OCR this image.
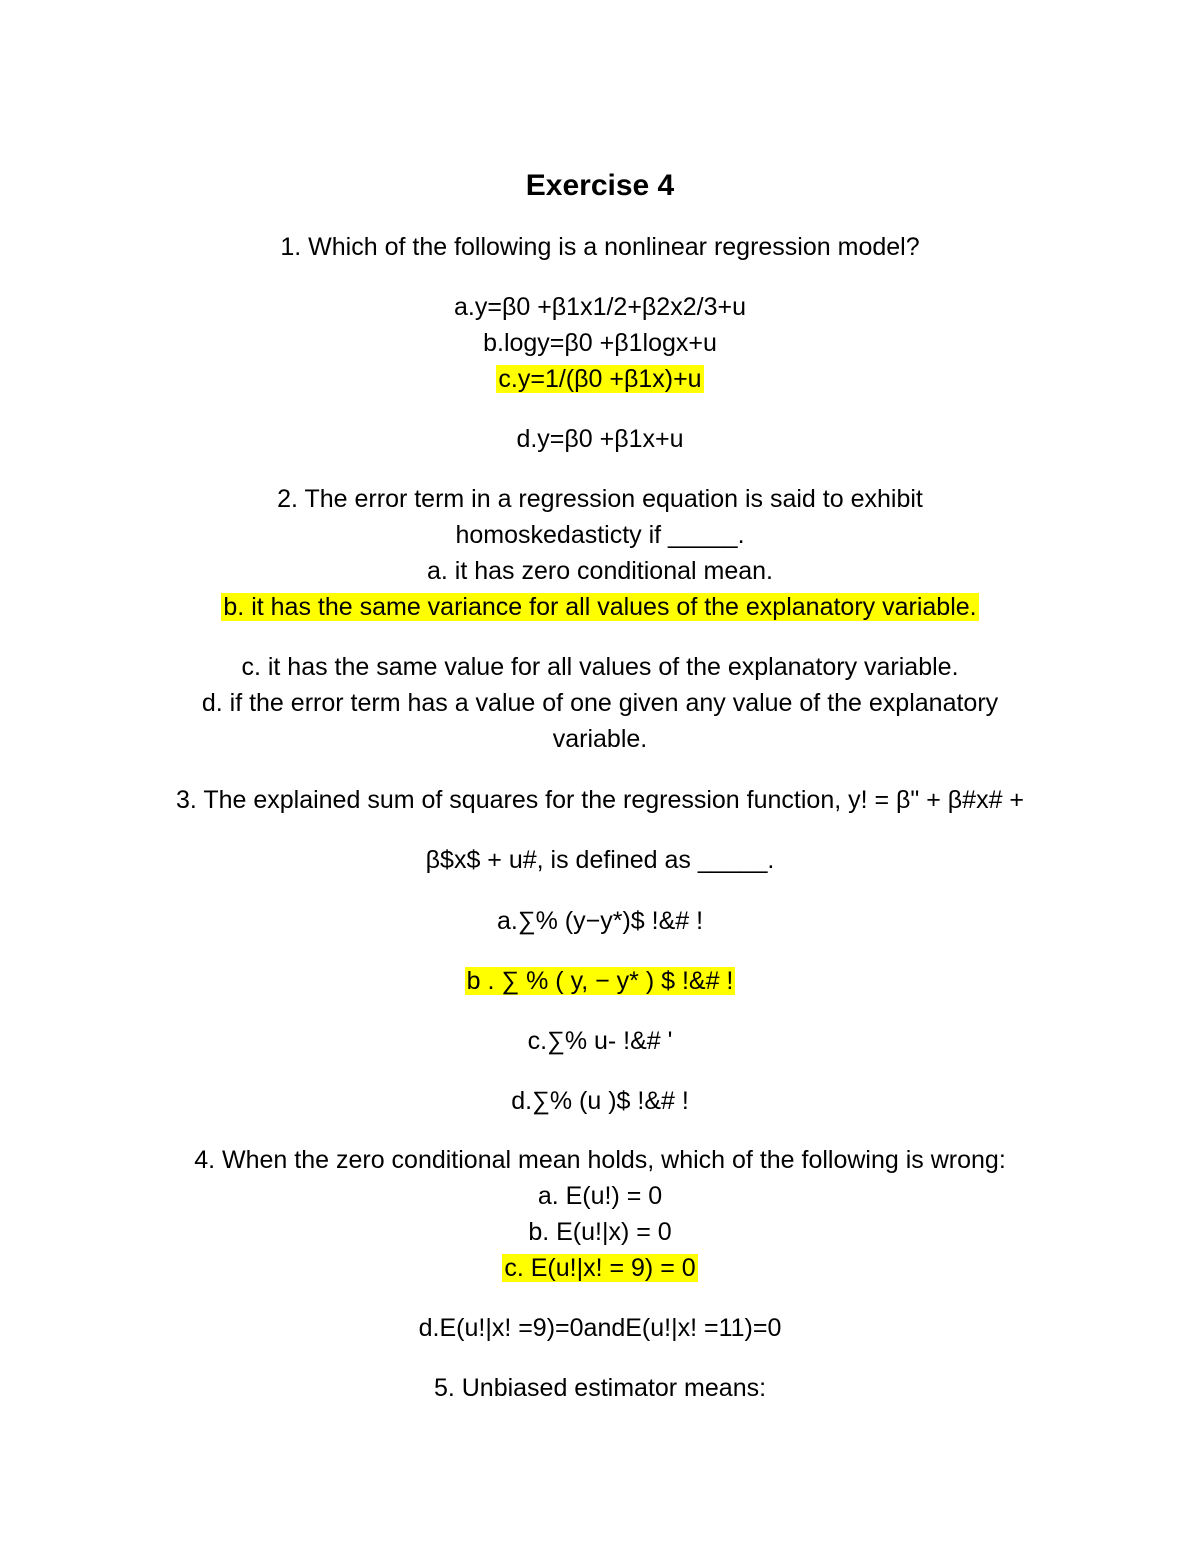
Exercise 4
1. Which of the following is a nonlinear regression model?
a.y=β0 +β1x1/2+β2x2/3+u
b.logy=β0 +β1logx+u
c.y=1/(β0 +β1x)+u
d.y=β0 +β1x+u
2. The error term in a regression equation is said to exhibit
homoskedasticty if _____.
a. it has zero conditional mean.
b. it has the same variance for all values of the explanatory variable.
c. it has the same value for all values of the explanatory variable.
d. if the error term has a value of one given any value of the explanatory
variable.
3. The explained sum of squares for the regression function, y! = β" + β#x# +
β$x$ + u#, is defined as _____.
a.∑% (y−y*)$ !&# !
b . ∑ % ( y, − y* ) $ !&# !
c.∑% u- !&# '
d.∑% (u )$ !&# !
4. When the zero conditional mean holds, which of the following is wrong:
a. E(u!) = 0
b. E(u!|x) = 0
c. E(u!|x! = 9) = 0
d.E(u!|x! =9)=0andE(u!|x! =11)=0
5. Unbiased estimator means:
